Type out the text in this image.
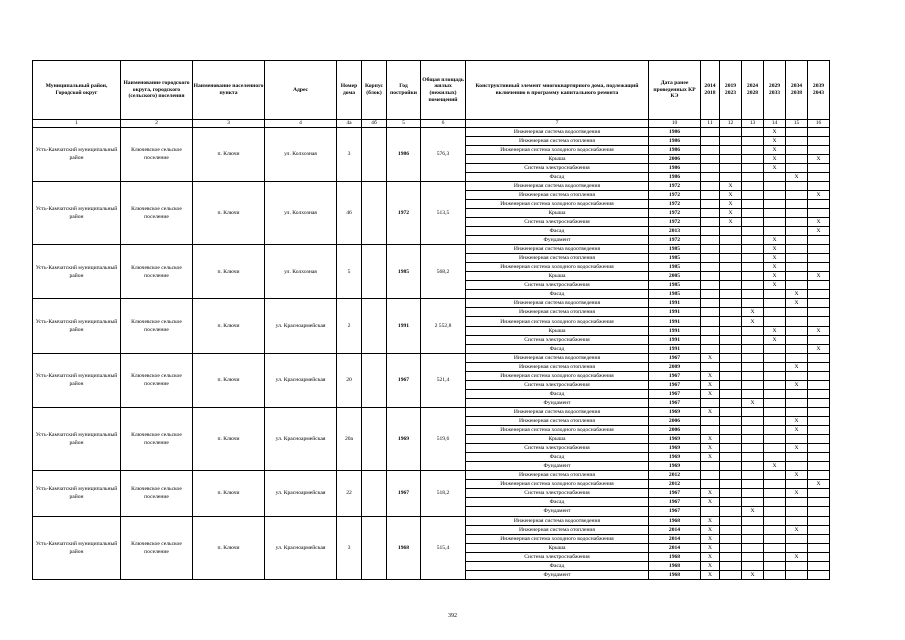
Муниципальный район, Городской округ	Наименование городского округа, городского (сельского) поселения	Наименование населенного пункта	Адрес	Номер дома	Корпус (блок)	Год постройки	Общая площадь жилых (нежилых) помещений	Конструктивный элемент многоквартирного дома, подлежащий включению в программу капитального ремонта	Дата ранее проведенных КР КЭ	2014 2018	2019 2023	2024 2028	2029 2033	2034 2038	2039 2043
1	2	3	4	4а	4б	5	6	7	10	11	12	13	14	15	16
Усть-Камчатский муниципальный район	Ключевское сельское поселение	п. Ключи	ул. Колхозная	3		1986	576,3	Инженерная система водоотведения	1986				X		
								Инженерная система отопления	1986				X		
								Инженерная система холодного водоснабжения	1986				X		
								Крыша	2006				X		X
								Система электроснабжения	1986				X		
								Фасад	1986					X	
Усть-Камчатский муниципальный район	Ключевское сельское поселение	п. Ключи	ул. Колхозная	46		1972	513,5	Инженерная система водоотведения	1972		X				
								Инженерная система отопления	1972		X				X
								Инженерная система холодного водоснабжения	1972		X				
								Крыша	1972		X				
								Система электроснабжения	1972		X				X
								Фасад	2013						X
								Фундамент	1972				X		
Усть-Камчатский муниципальный район	Ключевское сельское поселение	п. Ключи	ул. Колхозная	5		1985	568,2	Инженерная система водоотведения	1985				X		
								Инженерная система отопления	1985				X		
								Инженерная система холодного водоснабжения	1985				X		
								Крыша	2005				X		X
								Система электроснабжения	1985				X		
								Фасад	1985					X	
Усть-Камчатский муниципальный район	Ключевское сельское поселение	п. Ключи	ул. Красноармейская	2		1991	2 552,8	Инженерная система водоотведения	1991					X	
								Инженерная система отопления	1991			X			
								Инженерная система холодного водоснабжения	1991			X			
								Крыша	1991				X		X
								Система электроснабжения	1991				X		
								Фасад	1991						X
Усть-Камчатский муниципальный район	Ключевское сельское поселение	п. Ключи	ул. Красноармейская	20		1967	521,4	Инженерная система водоотведения	1967	X					
								Инженерная система отопления	2009					X	
								Инженерная система холодного водоснабжения	1967	X					
								Система электроснабжения	1967	X				X	
								Фасад	1967	X					
								Фундамент	1967			X			
Усть-Камчатский муниципальный район	Ключевское сельское поселение	п. Ключи	ул. Красноармейская	20а		1969	519,6	Инженерная система водоотведения	1969	X					
								Инженерная система отопления	2006					X	
								Инженерная система холодного водоснабжения	2006					X	
								Крыша	1969	X					
								Система электроснабжения	1969	X				X	
								Фасад	1969	X					
								Фундамент	1969				X		
Усть-Камчатский муниципальный район	Ключевское сельское поселение	п. Ключи	ул. Красноармейская	22		1967	518,2	Инженерная система отопления	2012					X	
								Инженерная система холодного водоснабжения	2012						X
								Система электроснабжения	1967	X				X	
								Фасад	1967	X					
								Фундамент	1967			X			
Усть-Камчатский муниципальный район	Ключевское сельское поселение	п. Ключи	ул. Красноармейская	3		1968	515,4	Инженерная система водоотведения	1968	X					
								Инженерная система отопления	2014	X				X	
								Инженерная система холодного водоснабжения	2014	X					
								Крыша	2014	X					
								Система электроснабжения	1968	X				X	
								Фасад	1968	X					
								Фундамент	1968	X		X			
392
